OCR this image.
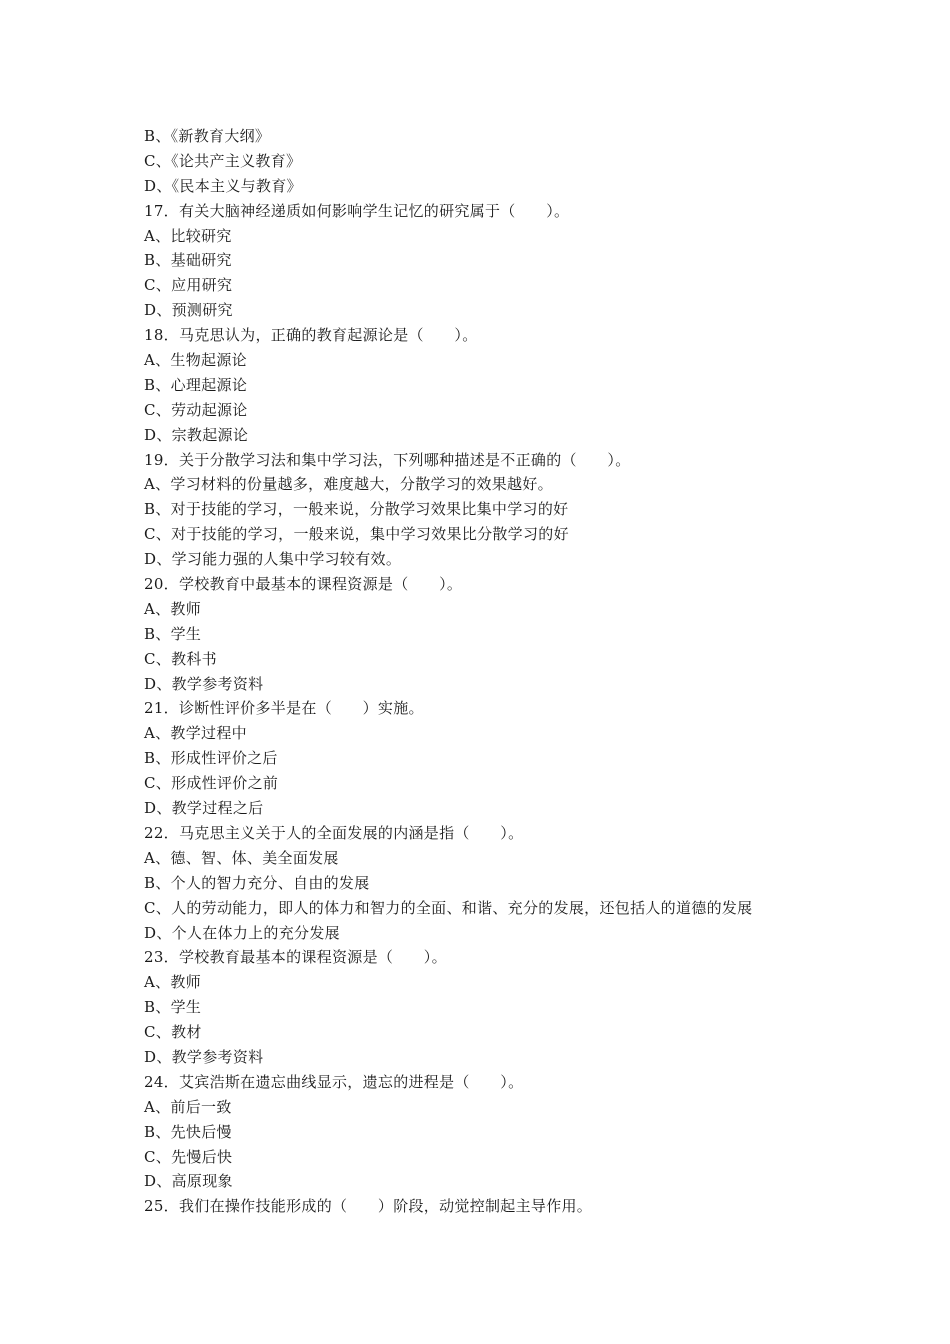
B、《新教育大纲》
C、《论共产主义教育》
D、《民本主义与教育》
17．有关大脑神经递质如何影响学生记忆的研究属于（　　）。
A、比较研究
B、基础研究
C、应用研究
D、预测研究
18．马克思认为，正确的教育起源论是（　　）。
A、生物起源论
B、心理起源论
C、劳动起源论
D、宗教起源论
19．关于分散学习法和集中学习法，下列哪种描述是不正确的（　　）。
A、学习材料的份量越多，难度越大，分散学习的效果越好。
B、对于技能的学习，一般来说，分散学习效果比集中学习的好
C、对于技能的学习，一般来说，集中学习效果比分散学习的好
D、学习能力强的人集中学习较有效。
20．学校教育中最基本的课程资源是（　　）。
A、教师
B、学生
C、教科书
D、教学参考资料
21．诊断性评价多半是在（　　）实施。
A、教学过程中
B、形成性评价之后
C、形成性评价之前
D、教学过程之后
22．马克思主义关于人的全面发展的内涵是指（　　）。
A、德、智、体、美全面发展
B、个人的智力充分、自由的发展
C、人的劳动能力，即人的体力和智力的全面、和谐、充分的发展，还包括人的道德的发展
D、个人在体力上的充分发展
23．学校教育最基本的课程资源是（　　）。
A、教师
B、学生
C、教材
D、教学参考资料
24．艾宾浩斯在遗忘曲线显示，遗忘的进程是（　　）。
A、前后一致
B、先快后慢
C、先慢后快
D、高原现象
25．我们在操作技能形成的（　　）阶段，动觉控制起主导作用。
